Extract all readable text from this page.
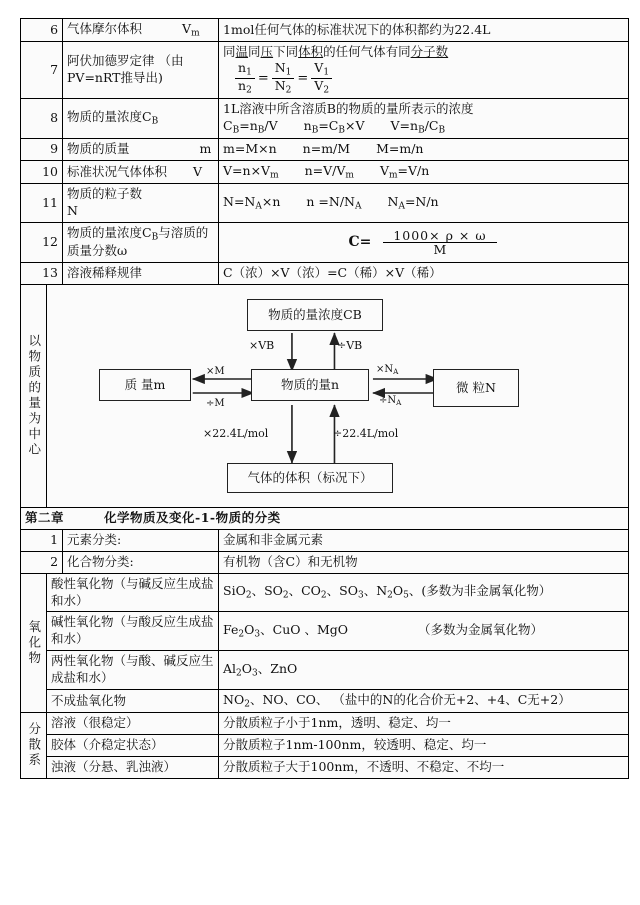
6		气体摩尔体积 $V_m$	1mol任何气体的标准状况下的体积都约为22.4L
7	阿伏加德罗定律 （由PV=nRT推导出)	
同温同压下同体积的任何气体有同分子数
$\frac{n_1}{n_2} = \frac{N_1}{N_2} = \frac{V_1}{V_2}$

8		物质的量浓度$C_B$	1L溶液中所含溶质B的物质的量所表示的浓度
$C_B=n_B/V$ $n_B=C_B\times V$ $V=n_B/C_B$

9		物质的质量 m	m=M×n n=m/M M=m/n
10		标准状况气体体积 V	$V=n\times V_m$ $n=V/V_m$ $V_m=V/n$
11		物质的粒子数N	$N=N_A\times n$ $n =N/N_A$ $N_A=N/n$
12		物质的量浓度$C_B$与溶质的质量分数ω	$C= \frac{1000\times \rho \times \omega}{M}$

13		溶液稀释规律	C（浓）×V（浓）=C（稀）×V（稀）

以物质的量为中心

物质的量浓度CB
质 量m	物质的量n	微 粒N
气体的体积（标况下）
×VB	÷VB
×M
÷M
$\times N_A$
$\div N_A$
×22.4L/mol	÷22.4L/mol

第二章 化学物质及变化-1-物质的分类			
1		元素分类:	金属和非金属元素
2		化合物分类:	有机物（含C）和无机物

氧化物	酸性氧化物（与碱反应生成盐和水）		SiO$_2$、$SO_2$、$CO_2$、$SO_3$、$N_2O_5$、(多数为非金属氧化物）
	碱性氧化物（与酸反应生成盐和水）		$Fe_2O_3$、CuO 、MgO （多数为金属氧化物）
	两性氧化物（与酸、碱反应生成盐和水）		$Al_2O_3$、ZnO
	不成盐氧化物		$NO_2$、NO、CO、 （盐中的N的化合价无+2、+4、C无+2）

分散系	溶液（很稳定）		分散质粒子小于1nm，透明、稳定、均一
	胶体（介稳定状态）		分散质粒子1nm-100nm，较透明、稳定、均一
	浊液（分悬、乳浊液）		分散质粒子大于100nm，不透明、不稳定、不均一
